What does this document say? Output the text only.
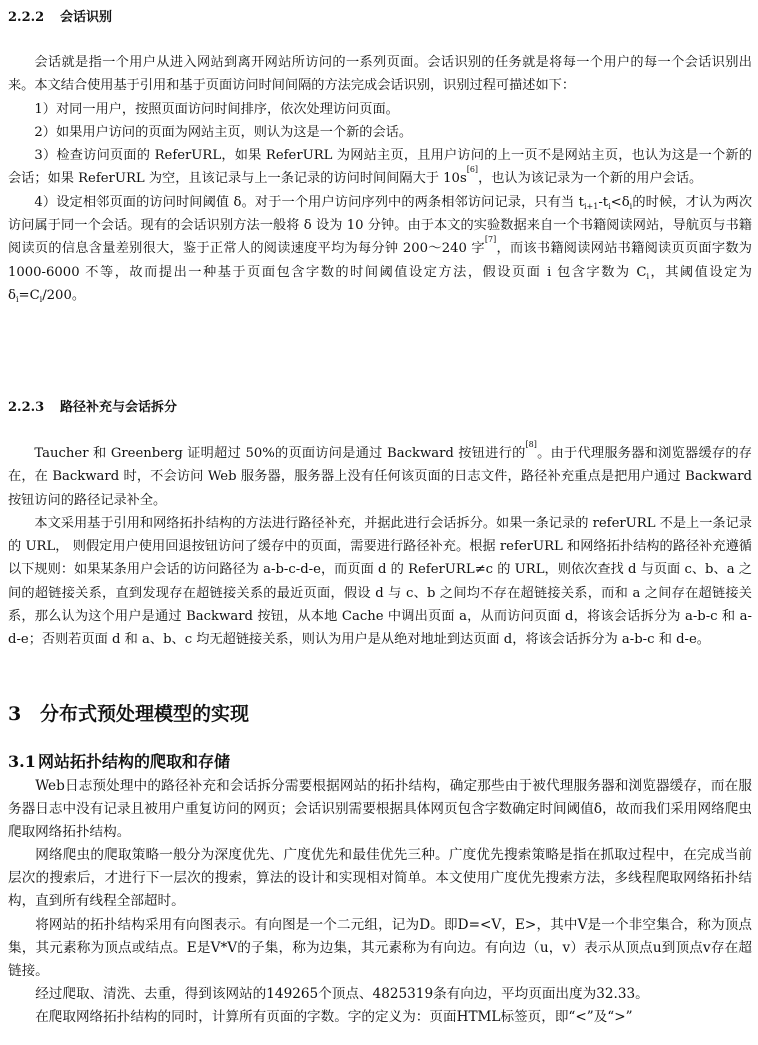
2.2.2 会话识别
会话就是指一个用户从进入网站到离开网站所访问的一系列页面。会话识别的任务就是将每一个用户的每一个会话识别出来。本文结合使用基于引用和基于页面访问时间间隔的方法完成会话识别，识别过程可描述如下：
1）对同一用户，按照页面访问时间排序，依次处理访问页面。
2）如果用户访问的页面为网站主页，则认为这是一个新的会话。
3）检查访问页面的 ReferURL，如果 ReferURL 为网站主页，且用户访问的上一页不是网站主页，也认为这是一个新的会话；如果 ReferURL 为空，且该记录与上一条记录的访问时间间隔大于 10s[6]，也认为该记录为一个新的用户会话。
4）设定相邻页面的访问时间阈值 δ。对于一个用户访问序列中的两条相邻访问记录，只有当 $t_{i+1}-t_i<\delta_i$的时候，才认为两次访问属于同一个会话。现有的会话识别方法一般将 δ 设为 10 分钟。由于本文的实验数据来自一个书籍阅读网站，导航页与书籍阅读页的信息含量差别很大，鉴于正常人的阅读速度平均为每分钟 200～240 字[7]，而该书籍阅读网站书籍阅读页页面字数为 1000-6000 不等，故而提出一种基于页面包含字数的时间阈值设定方法，假设页面 i 包含字数为 $C_i$，其阈值设定为 $\delta_i=C_i/200$。
2.2.3 路径补充与会话拆分
Taucher 和 Greenberg 证明超过 50%的页面访问是通过 Backward 按钮进行的[8]。由于代理服务器和浏览器缓存的存在，在 Backward 时，不会访问 Web 服务器，服务器上没有任何该页面的日志文件，路径补充重点是把用户通过 Backward 按钮访问的路径记录补全。
本文采用基于引用和网络拓扑结构的方法进行路径补充，并据此进行会话拆分。如果一条记录的 referURL 不是上一条记录的 URL， 则假定用户使用回退按钮访问了缓存中的页面，需要进行路径补充。根据 referURL 和网络拓扑结构的路径补充遵循以下规则：如果某条用户会话的访问路径为 a-b-c-d-e，而页面 d 的 ReferURL≠c 的 URL，则依次查找 d 与页面 c、b、a 之间的超链接关系，直到发现存在超链接关系的最近页面，假设 d 与 c、b 之间均不存在超链接关系，而和 a 之间存在超链接关系，那么认为这个用户是通过 Backward 按钮，从本地 Cache 中调出页面 a，从而访问页面 d，将该会话拆分为 a-b-c 和 a-d-e；否则若页面 d 和 a、b、c 均无超链接关系，则认为用户是从绝对地址到达页面 d，将该会话拆分为 a-b-c 和 d-e。
3 分布式预处理模型的实现
3.1 网站拓扑结构的爬取和存储
Web日志预处理中的路径补充和会话拆分需要根据网站的拓扑结构，确定那些由于被代理服务器和浏览器缓存，而在服务器日志中没有记录且被用户重复访问的网页；会话识别需要根据具体网页包含字数确定时间阈值δ，故而我们采用网络爬虫爬取网络拓扑结构。
网络爬虫的爬取策略一般分为深度优先、广度优先和最佳优先三种。广度优先搜索策略是指在抓取过程中，在完成当前层次的搜索后，才进行下一层次的搜索，算法的设计和实现相对简单。本文使用广度优先搜索方法，多线程爬取网络拓扑结构，直到所有线程全部超时。
将网站的拓扑结构采用有向图表示。有向图是一个二元组，记为D。即D=<V，E>，其中V是一个非空集合，称为顶点集，其元素称为顶点或结点。E是V*V的子集，称为边集，其元素称为有向边。有向边（u，v）表示从顶点u到顶点v存在超链接。
经过爬取、清洗、去重，得到该网站的149265个顶点、4825319条有向边，平均页面出度为32.33。
在爬取网络拓扑结构的同时，计算所有页面的字数。字的定义为：页面HTML标签页，即“<”及“>”
